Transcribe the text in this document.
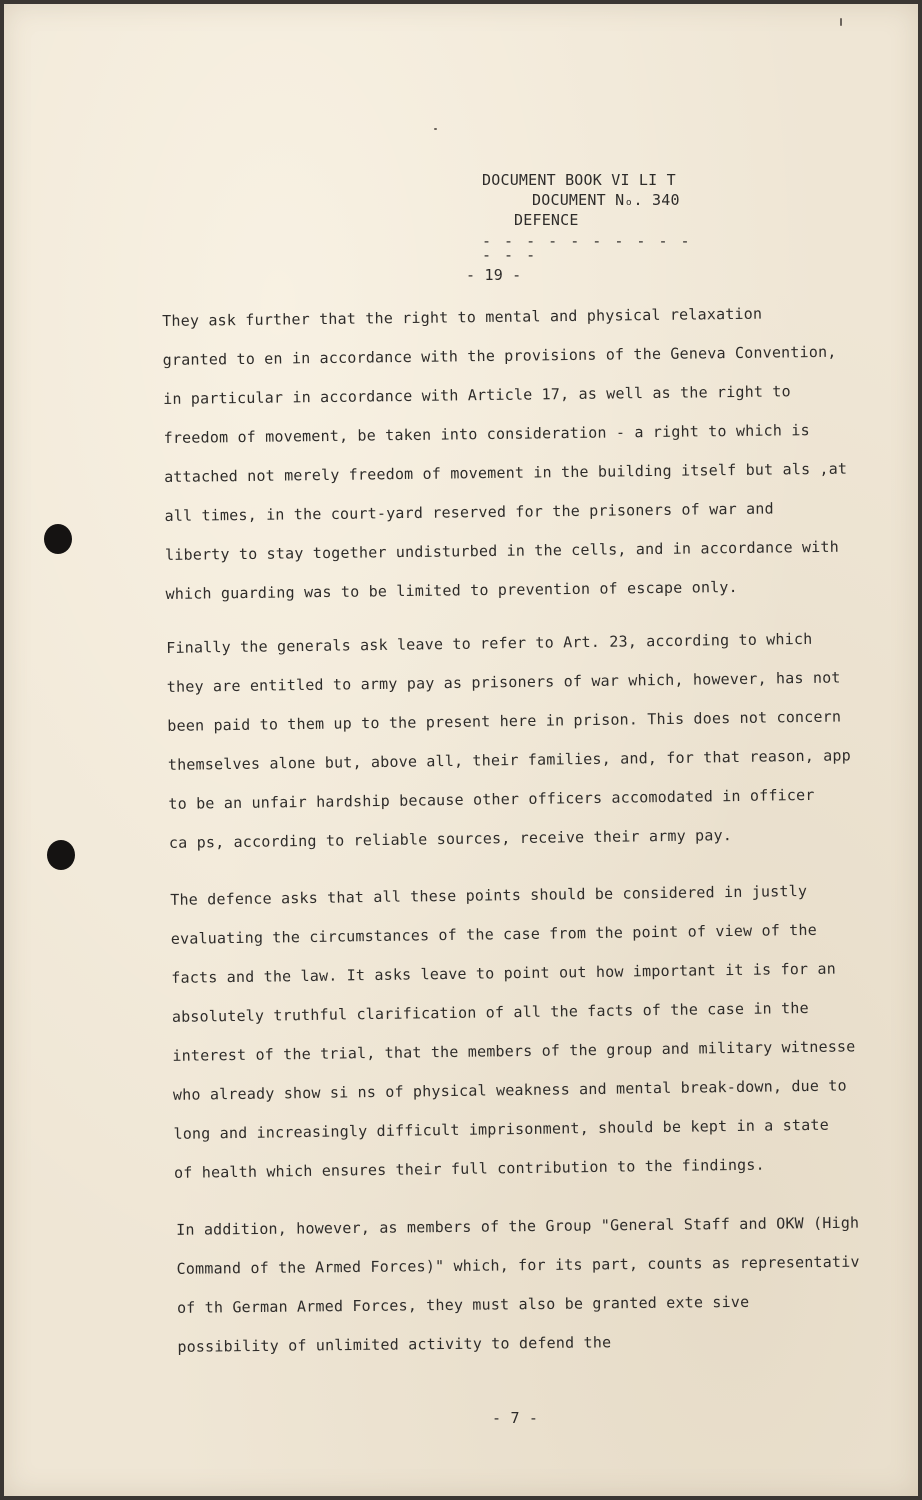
DOCUMENT BOOK VI LI T
DOCUMENT Nₒ. 340
DEFENCE
- - - - - - - - - - - - -
- 19 -
They ask further that the right to mental and physical relaxation
granted to en in accordance with the provisions of the Geneva Convention,
in particular in accordance with Article 17, as well as the right to
freedom of movement, be taken into consideration - a right to which is
attached not merely freedom of movement in the building itself but als ,at
all times, in the court-yard reserved for the prisoners of war and
liberty to stay together undisturbed in the cells, and in accordance with
which guarding was to be limited to prevention of escape only.
Finally the generals ask leave to refer to Art. 23, according to which
they are entitled to army pay as prisoners of war which, however, has not
been paid to them up to the present here in prison. This does not concern
themselves alone but, above all, their families, and, for that reason, app
to be an unfair hardship because other officers accomodated in officer
ca ps, according to reliable sources, receive their army pay.
The defence asks that all these points should be considered in justly
evaluating the circumstances of the case from the point of view of the
facts and the law. It asks leave to point out how important it is for an
absolutely truthful clarification of all the facts of the case in the
interest of the trial, that the members of the group and military witnesse
who already show si ns of physical weakness and mental break-down, due to
long and increasingly difficult imprisonment, should be kept in a state
of health which ensures their full contribution to the findings.
In addition, however, as members of the Group "General Staff and OKW (High
Command of the Armed Forces)" which, for its part, counts as representativ
of th German Armed Forces, they must also be granted exte sive
possibility of unlimited activity to defend the
- 7 -
